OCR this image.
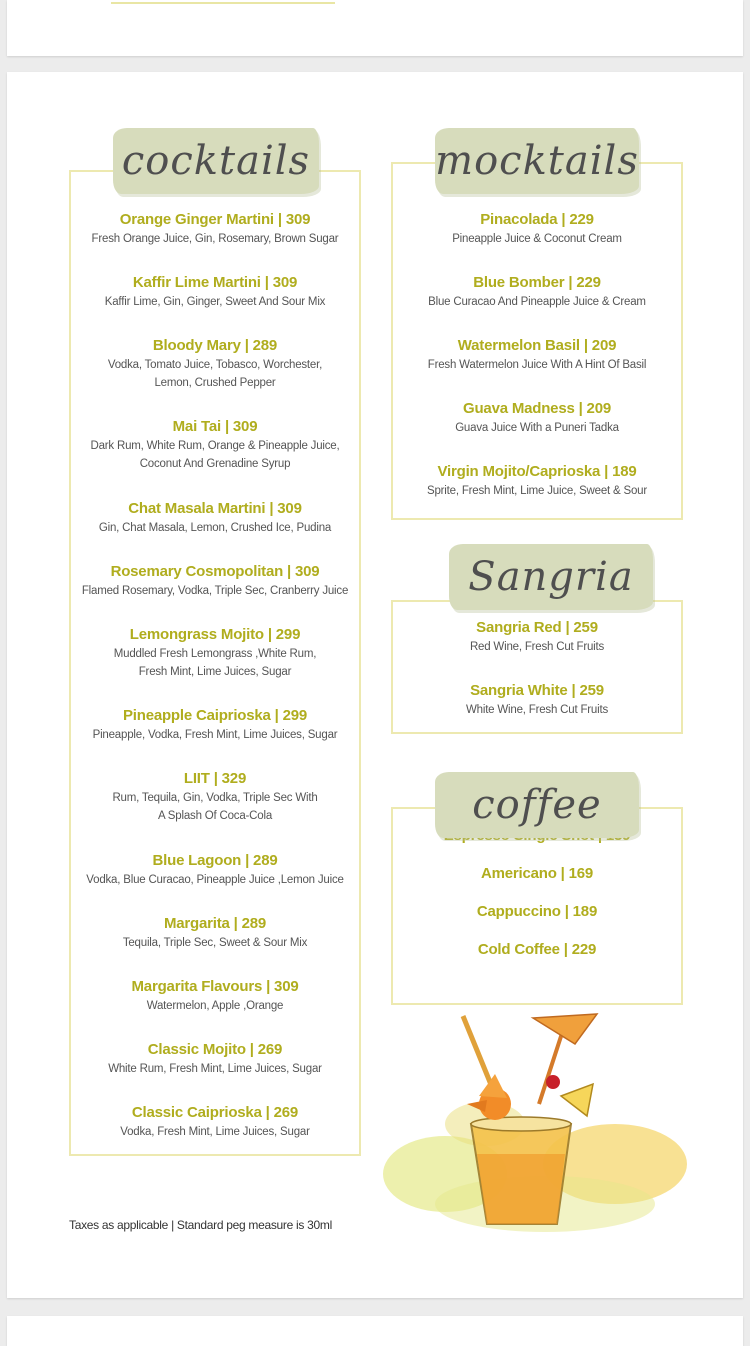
Orange Ginger Martini | 309
Fresh Orange Juice, Gin, Rosemary, Brown Sugar
Kaffir Lime Martini | 309
Kaffir Lime, Gin, Ginger, Sweet And Sour Mix
Bloody Mary | 289
Vodka, Tomato Juice, Tobasco, Worchester,
Lemon, Crushed Pepper
Mai Tai | 309
Dark Rum, White Rum, Orange & Pineapple Juice,
Coconut And Grenadine Syrup
Chat Masala Martini | 309
Gin, Chat Masala, Lemon, Crushed Ice, Pudina
Rosemary Cosmopolitan | 309
Flamed Rosemary, Vodka, Triple Sec, Cranberry Juice
Lemongrass Mojito | 299
Muddled Fresh Lemongrass ,White Rum,
Fresh Mint, Lime Juices, Sugar
Pineapple Caiprioska | 299
Pineapple, Vodka, Fresh Mint, Lime Juices, Sugar
LIIT | 329
Rum, Tequila, Gin, Vodka, Triple Sec With
A Splash Of Coca-Cola
Blue Lagoon | 289
Vodka, Blue Curacao, Pineapple Juice ,Lemon Juice
Margarita | 289
Tequila, Triple Sec, Sweet & Sour Mix
Margarita Flavours | 309
Watermelon, Apple ,Orange
Classic Mojito | 269
White Rum, Fresh Mint, Lime Juices, Sugar
Classic Caiprioska | 269
Vodka, Fresh Mint, Lime Juices, Sugar
cocktails
Pinacolada | 229
Pineapple Juice & Coconut Cream
Blue Bomber | 229
Blue Curacao And Pineapple Juice & Cream
Watermelon Basil | 209
Fresh Watermelon Juice With A Hint Of Basil
Guava Madness | 209
Guava Juice With a Puneri Tadka
Virgin Mojito/Caprioska | 189
Sprite, Fresh Mint, Lime Juice, Sweet & Sour
mocktails
Sangria Red | 259
Red Wine, Fresh Cut Fruits
Sangria White | 259
White Wine, Fresh Cut Fruits
Sangria
Americano | 169
Cappuccino | 189
Cold Coffee | 229
coffee
Taxes as applicable | Standard peg measure is 30ml
